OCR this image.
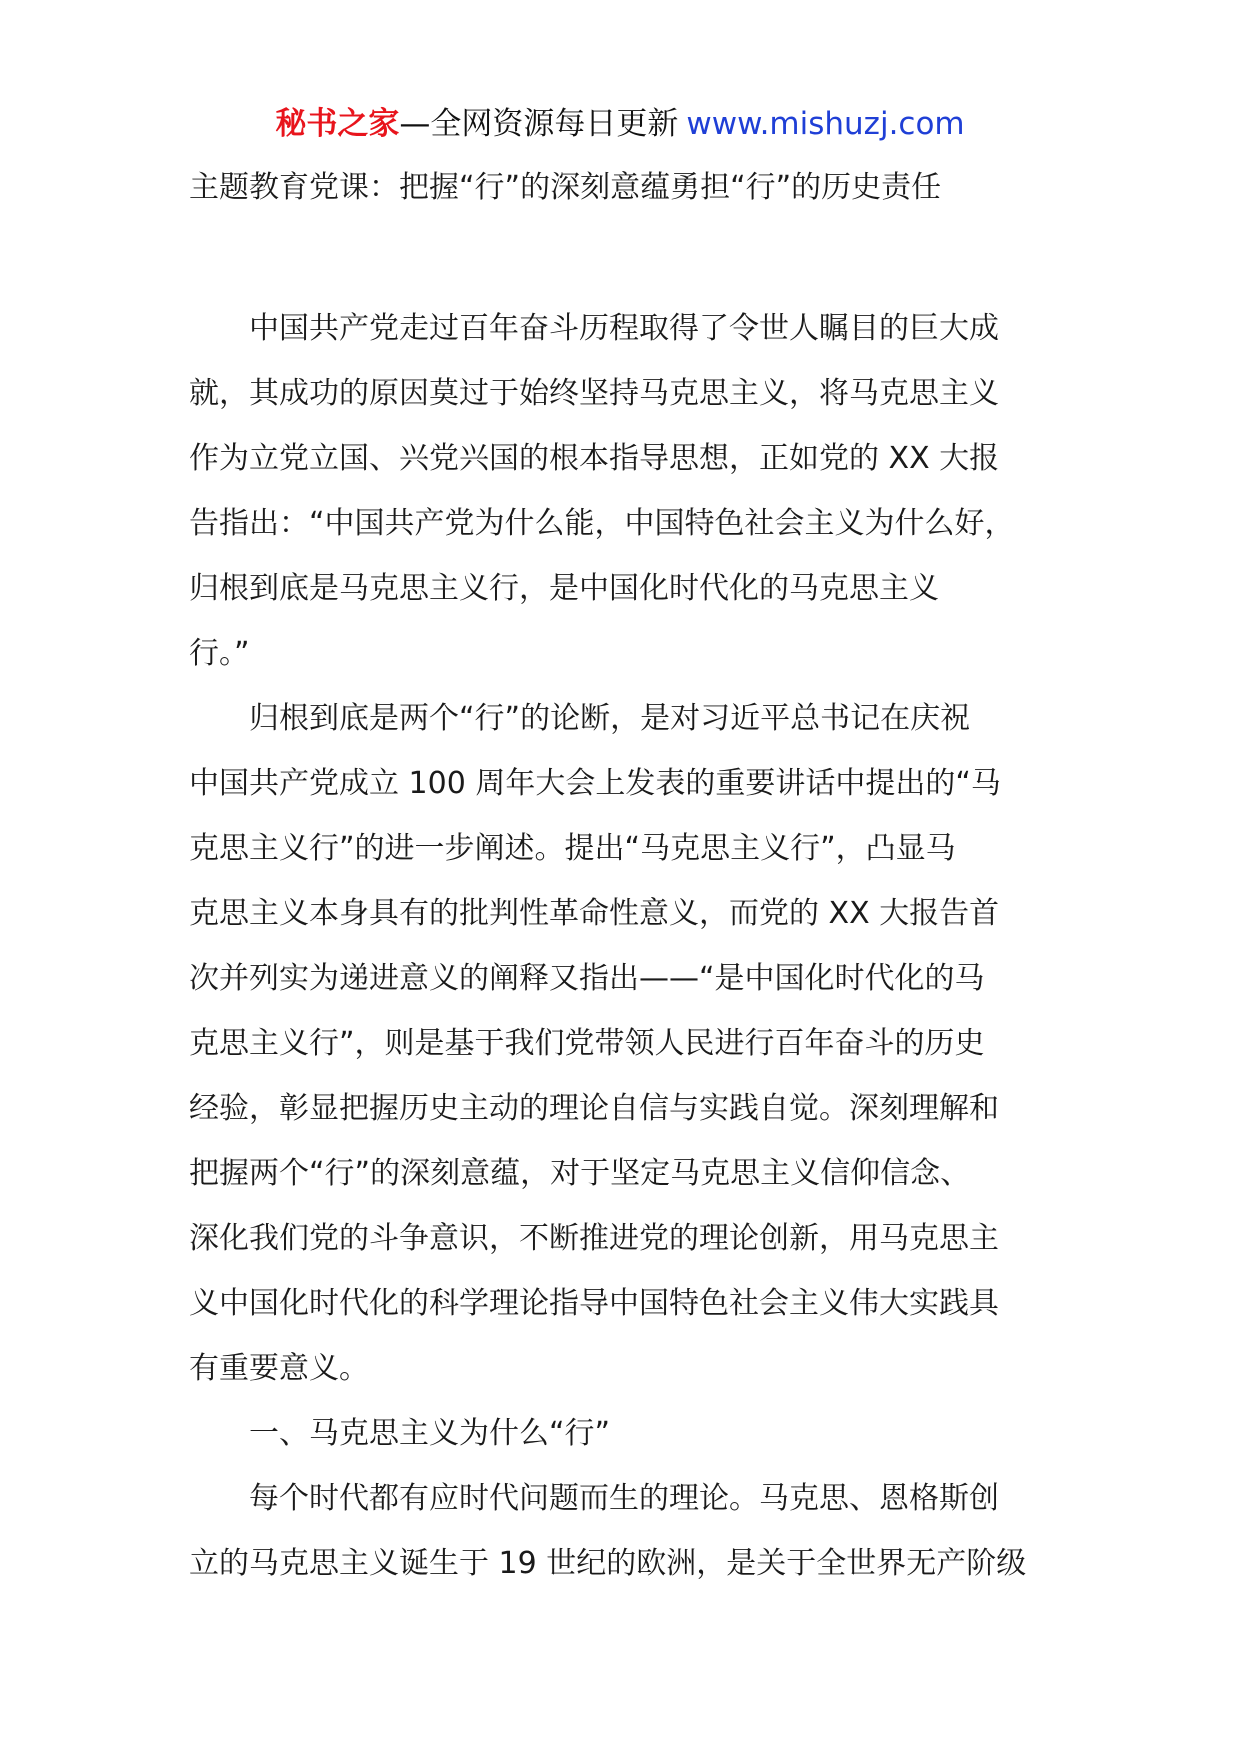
秘书之家—全网资源每日更新 www.mishuzj.com
主题教育党课：把握“行”的深刻意蕴勇担“行”的历史责任
　　中国共产党走过百年奋斗历程取得了令世人瞩目的巨大成
就，其成功的原因莫过于始终坚持马克思主义，将马克思主义
作为立党立国、兴党兴国的根本指导思想，正如党的 XX 大报
告指出：“中国共产党为什么能，中国特色社会主义为什么好，
归根到底是马克思主义行，是中国化时代化的马克思主义
行。”
　　归根到底是两个“行”的论断，是对习近平总书记在庆祝
中国共产党成立 100 周年大会上发表的重要讲话中提出的“马
克思主义行”的进一步阐述。提出“马克思主义行”，凸显马
克思主义本身具有的批判性革命性意义，而党的 XX 大报告首
次并列实为递进意义的阐释又指出——“是中国化时代化的马
克思主义行”，则是基于我们党带领人民进行百年奋斗的历史
经验，彰显把握历史主动的理论自信与实践自觉。深刻理解和
把握两个“行”的深刻意蕴，对于坚定马克思主义信仰信念、
深化我们党的斗争意识，不断推进党的理论创新，用马克思主
义中国化时代化的科学理论指导中国特色社会主义伟大实践具
有重要意义。
　　一、马克思主义为什么“行”
　　每个时代都有应时代问题而生的理论。马克思、恩格斯创
立的马克思主义诞生于 19 世纪的欧洲，是关于全世界无产阶级
